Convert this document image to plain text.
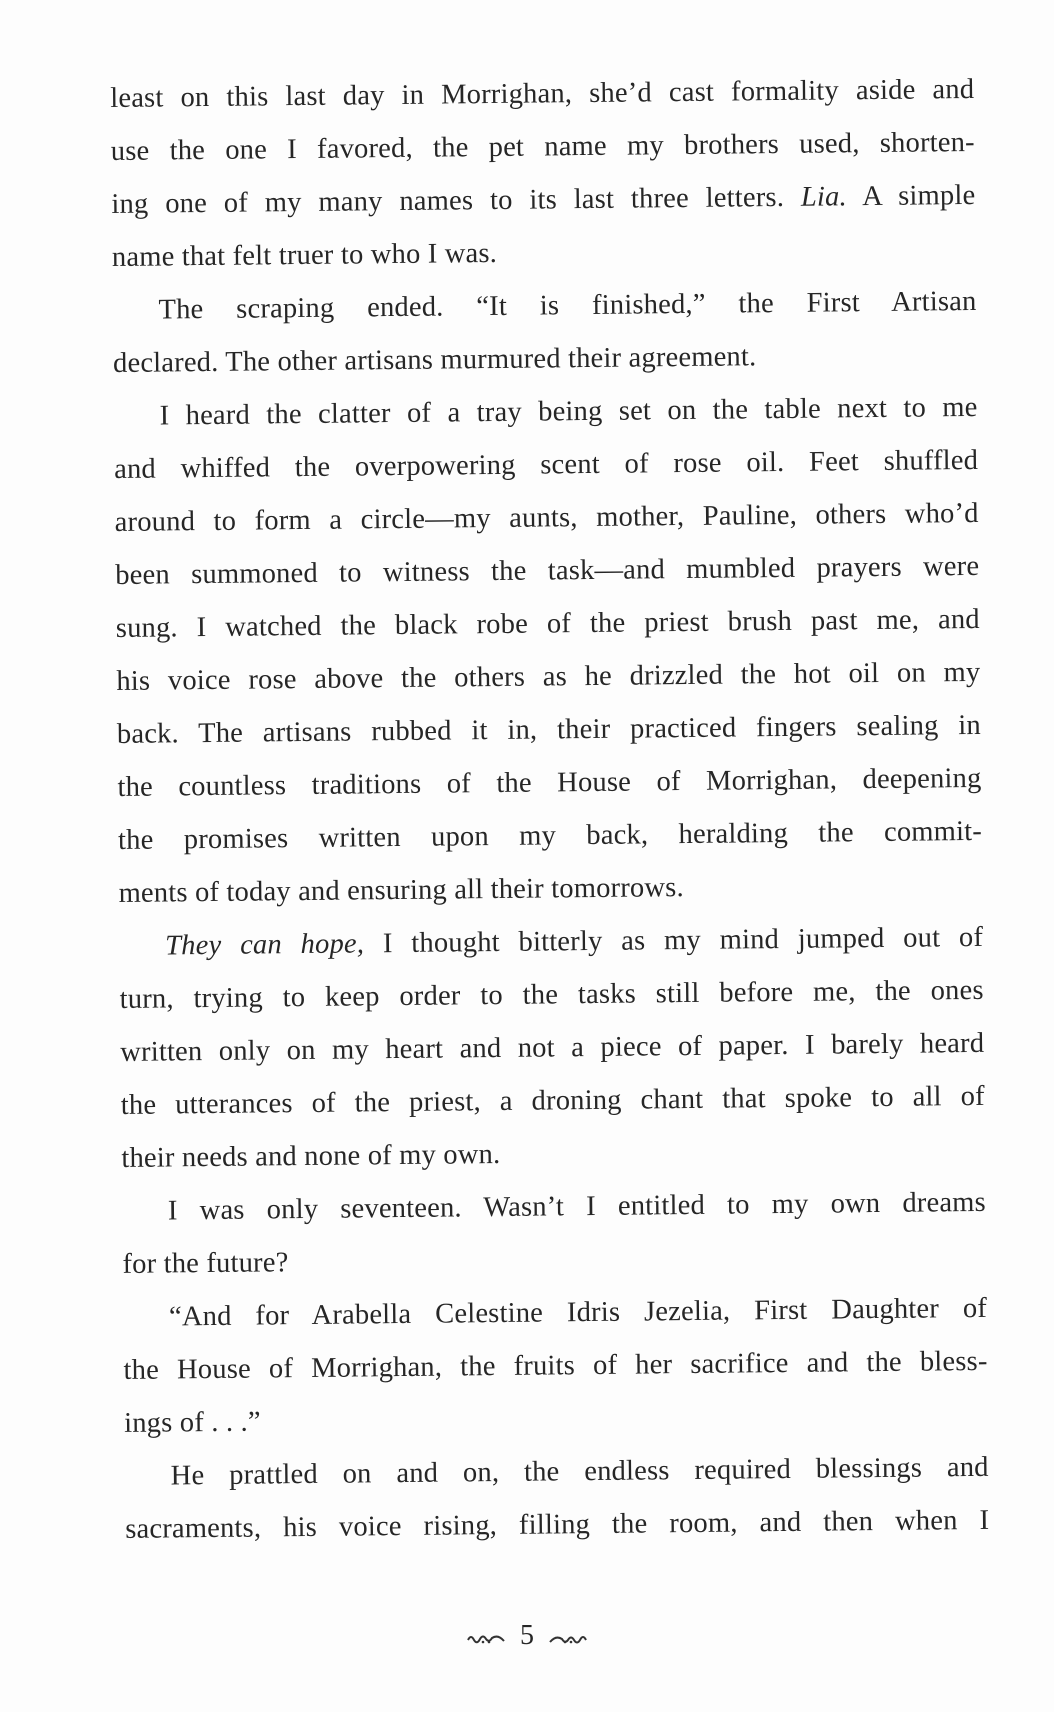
least on this last day in Morrighan, she’d cast formality aside and
use the one I favored, the pet name my brothers used, shorten-
ing one of my many names to its last three letters. Lia. A simple
name that felt truer to who I was.
The scraping ended. “It is finished,” the First Artisan
declared. The other artisans murmured their agreement.
I heard the clatter of a tray being set on the table next to me
and whiffed the overpowering scent of rose oil. Feet shuffled
around to form a circle—my aunts, mother, Pauline, others who’d
been summoned to witness the task—and mumbled prayers were
sung. I watched the black robe of the priest brush past me, and
his voice rose above the others as he drizzled the hot oil on my
back. The artisans rubbed it in, their practiced fingers sealing in
the countless traditions of the House of Morrighan, deepening
the promises written upon my back, heralding the commit-
ments of today and ensuring all their tomorrows.
They can hope, I thought bitterly as my mind jumped out of
turn, trying to keep order to the tasks still before me, the ones
written only on my heart and not a piece of paper. I barely heard
the utterances of the priest, a droning chant that spoke to all of
their needs and none of my own.
I was only seventeen. Wasn’t I entitled to my own dreams
for the future?
“And for Arabella Celestine Idris Jezelia, First Daughter of
the House of Morrighan, the fruits of her sacrifice and the bless-
ings of . . .”
He prattled on and on, the endless required blessings and
sacraments, his voice rising, filling the room, and then when I
5
